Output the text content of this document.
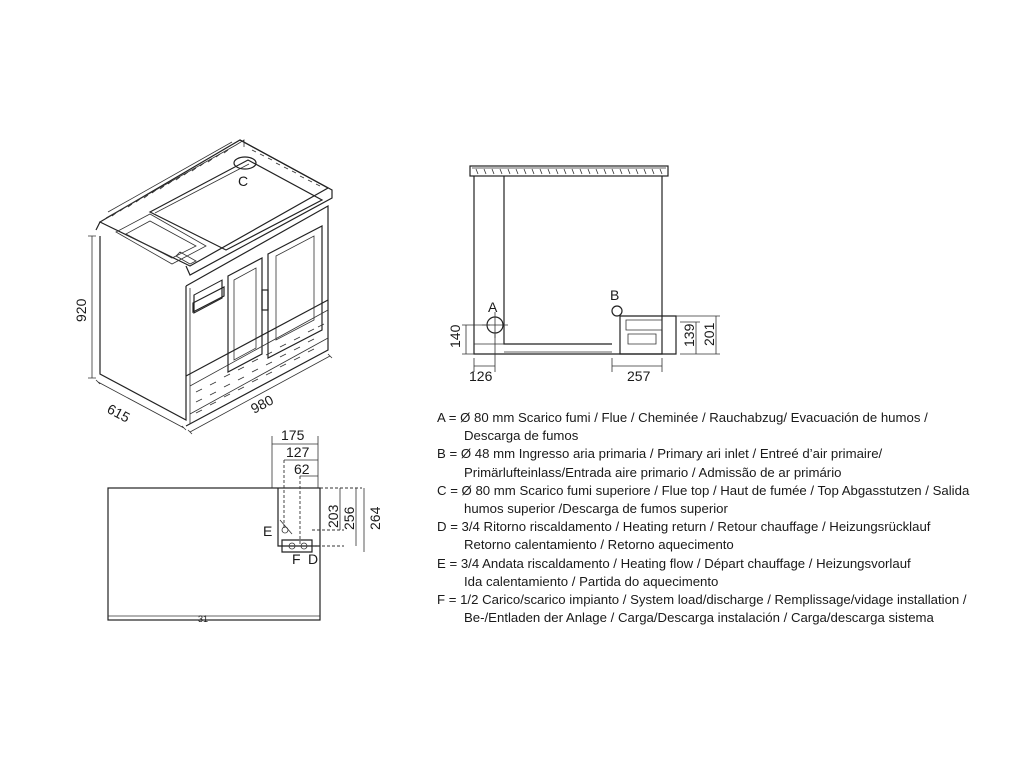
C
920
615	980
A
B
140
126	257
139 201
31
E
F D
175
127
62
203 256 264
A = Ø 80 mm Scarico fumi / Flue / Cheminée / Rauchabzug/ Evacuación de humos /
Descarga de fumos
B = Ø 48 mm Ingresso aria primaria / Primary ari inlet / Entreé d’air primaire/
Primärlufteinlass/Entrada aire primario / Admissão de ar primário
C = Ø 80 mm Scarico fumi superiore / Flue top / Haut de fumée / Top Abgasstutzen / Salida
humos superior /Descarga de fumos superior
D = 3/4 Ritorno riscaldamento / Heating return / Retour chauffage / Heizungsrücklauf
Retorno calentamiento / Retorno aquecimento
E = 3/4 Andata riscaldamento / Heating flow / Départ chauffage / Heizungsvorlauf
Ida calentamiento / Partida do aquecimento
F = 1/2 Carico/scarico impianto / System load/discharge / Remplissage/vidage installation /
Be-/Entladen der Anlage / Carga/Descarga instalación / Carga/descarga sistema
